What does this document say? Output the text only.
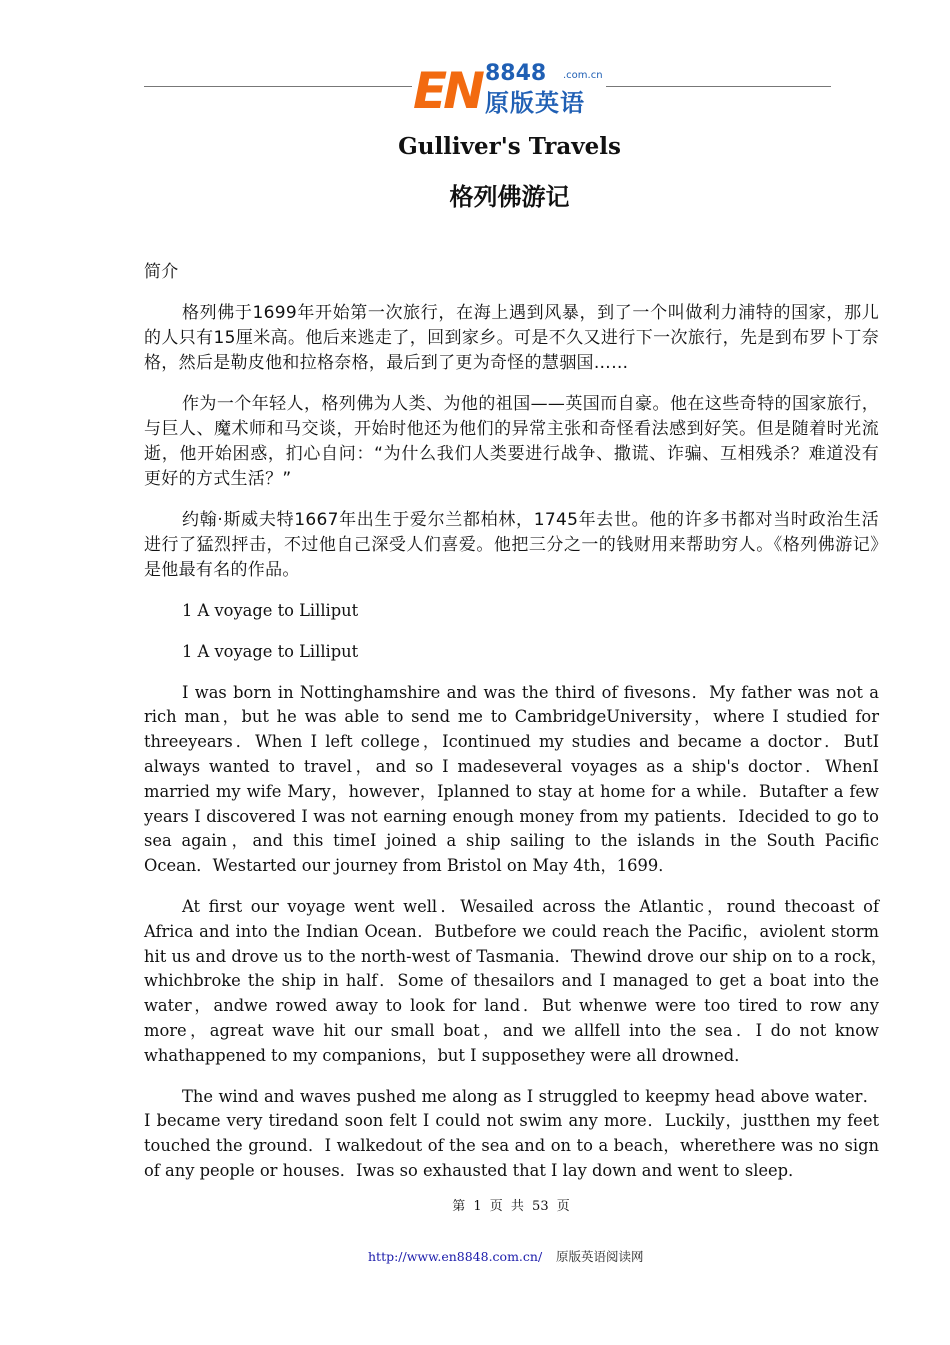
EN 8848 .com.cn
原版英语
Gulliver's Travels
格列佛游记

简介

格列佛于1699年开始第一次旅行，在海上遇到风暴，到了一个叫做利力浦特的国家，那儿的人只有15厘米高。他后来逃走了，回到家乡。可是不久又进行下一次旅行，先是到布罗卜丁奈格，然后是勒皮他和拉格奈格，最后到了更为奇怪的慧骃国……

作为一个年轻人，格列佛为人类、为他的祖国——英国而自豪。他在这些奇特的国家旅行，与巨人、魔术师和马交谈，开始时他还为他们的异常主张和奇怪看法感到好笑。但是随着时光流逝，他开始困惑，扪心自问：“为什么我们人类要进行战争、撒谎、诈骗、互相残杀？难道没有更好的方式生活？”

约翰·斯威夫特1667年出生于爱尔兰都柏林，1745年去世。他的许多书都对当时政治生活进行了猛烈抨击，不过他自己深受人们喜爱。他把三分之一的钱财用来帮助穷人。《格列佛游记》是他最有名的作品。

1 A voyage to Lilliput

1 A voyage to Lilliput

I was born in Nottinghamshire and was the third of fivesons．My father was not a rich man，but he was able to send me to CambridgeUniversity，where I studied for threeyears．When I left college，Icontinued my studies and became a doctor．ButI always wanted to travel，and so I madeseveral voyages as a ship's doctor．WhenI married my wife Mary，however，Iplanned to stay at home for a while．Butafter a few years I discovered I was not earning enough money from my patients．Idecided to go to sea again，and this timeI joined a ship sailing to the islands in the South Pacific Ocean．Westarted our journey from Bristol on May 4th，1699．

At first our voyage went well．Wesailed across the Atlantic，round thecoast of Africa and into the Indian Ocean．Butbefore we could reach the Pacific，aviolent storm hit us and drove us to the north-west of Tasmania．Thewind drove our ship on to a rock，　whichbroke the ship in half．Some of thesailors and I managed to get a boat into the water，andwe rowed away to look for land．But whenwe were too tired to row any more，agreat wave hit our small boat，and we allfell into the sea．I do not know whathappened to my companions，but I supposethey were all drowned．

The wind and waves pushed me along as I struggled to keepmy head above water．I became very tiredand soon felt I could not swim any more．Luckily，justthen my feet touched the ground．I walkedout of the sea and on to a beach，wherethere was no sign of any people or houses．Iwas so exhausted that I lay down and went to sleep．

第 1 页 共 53 页
http://www.en8848.com.cn/ 原版英语阅读网
